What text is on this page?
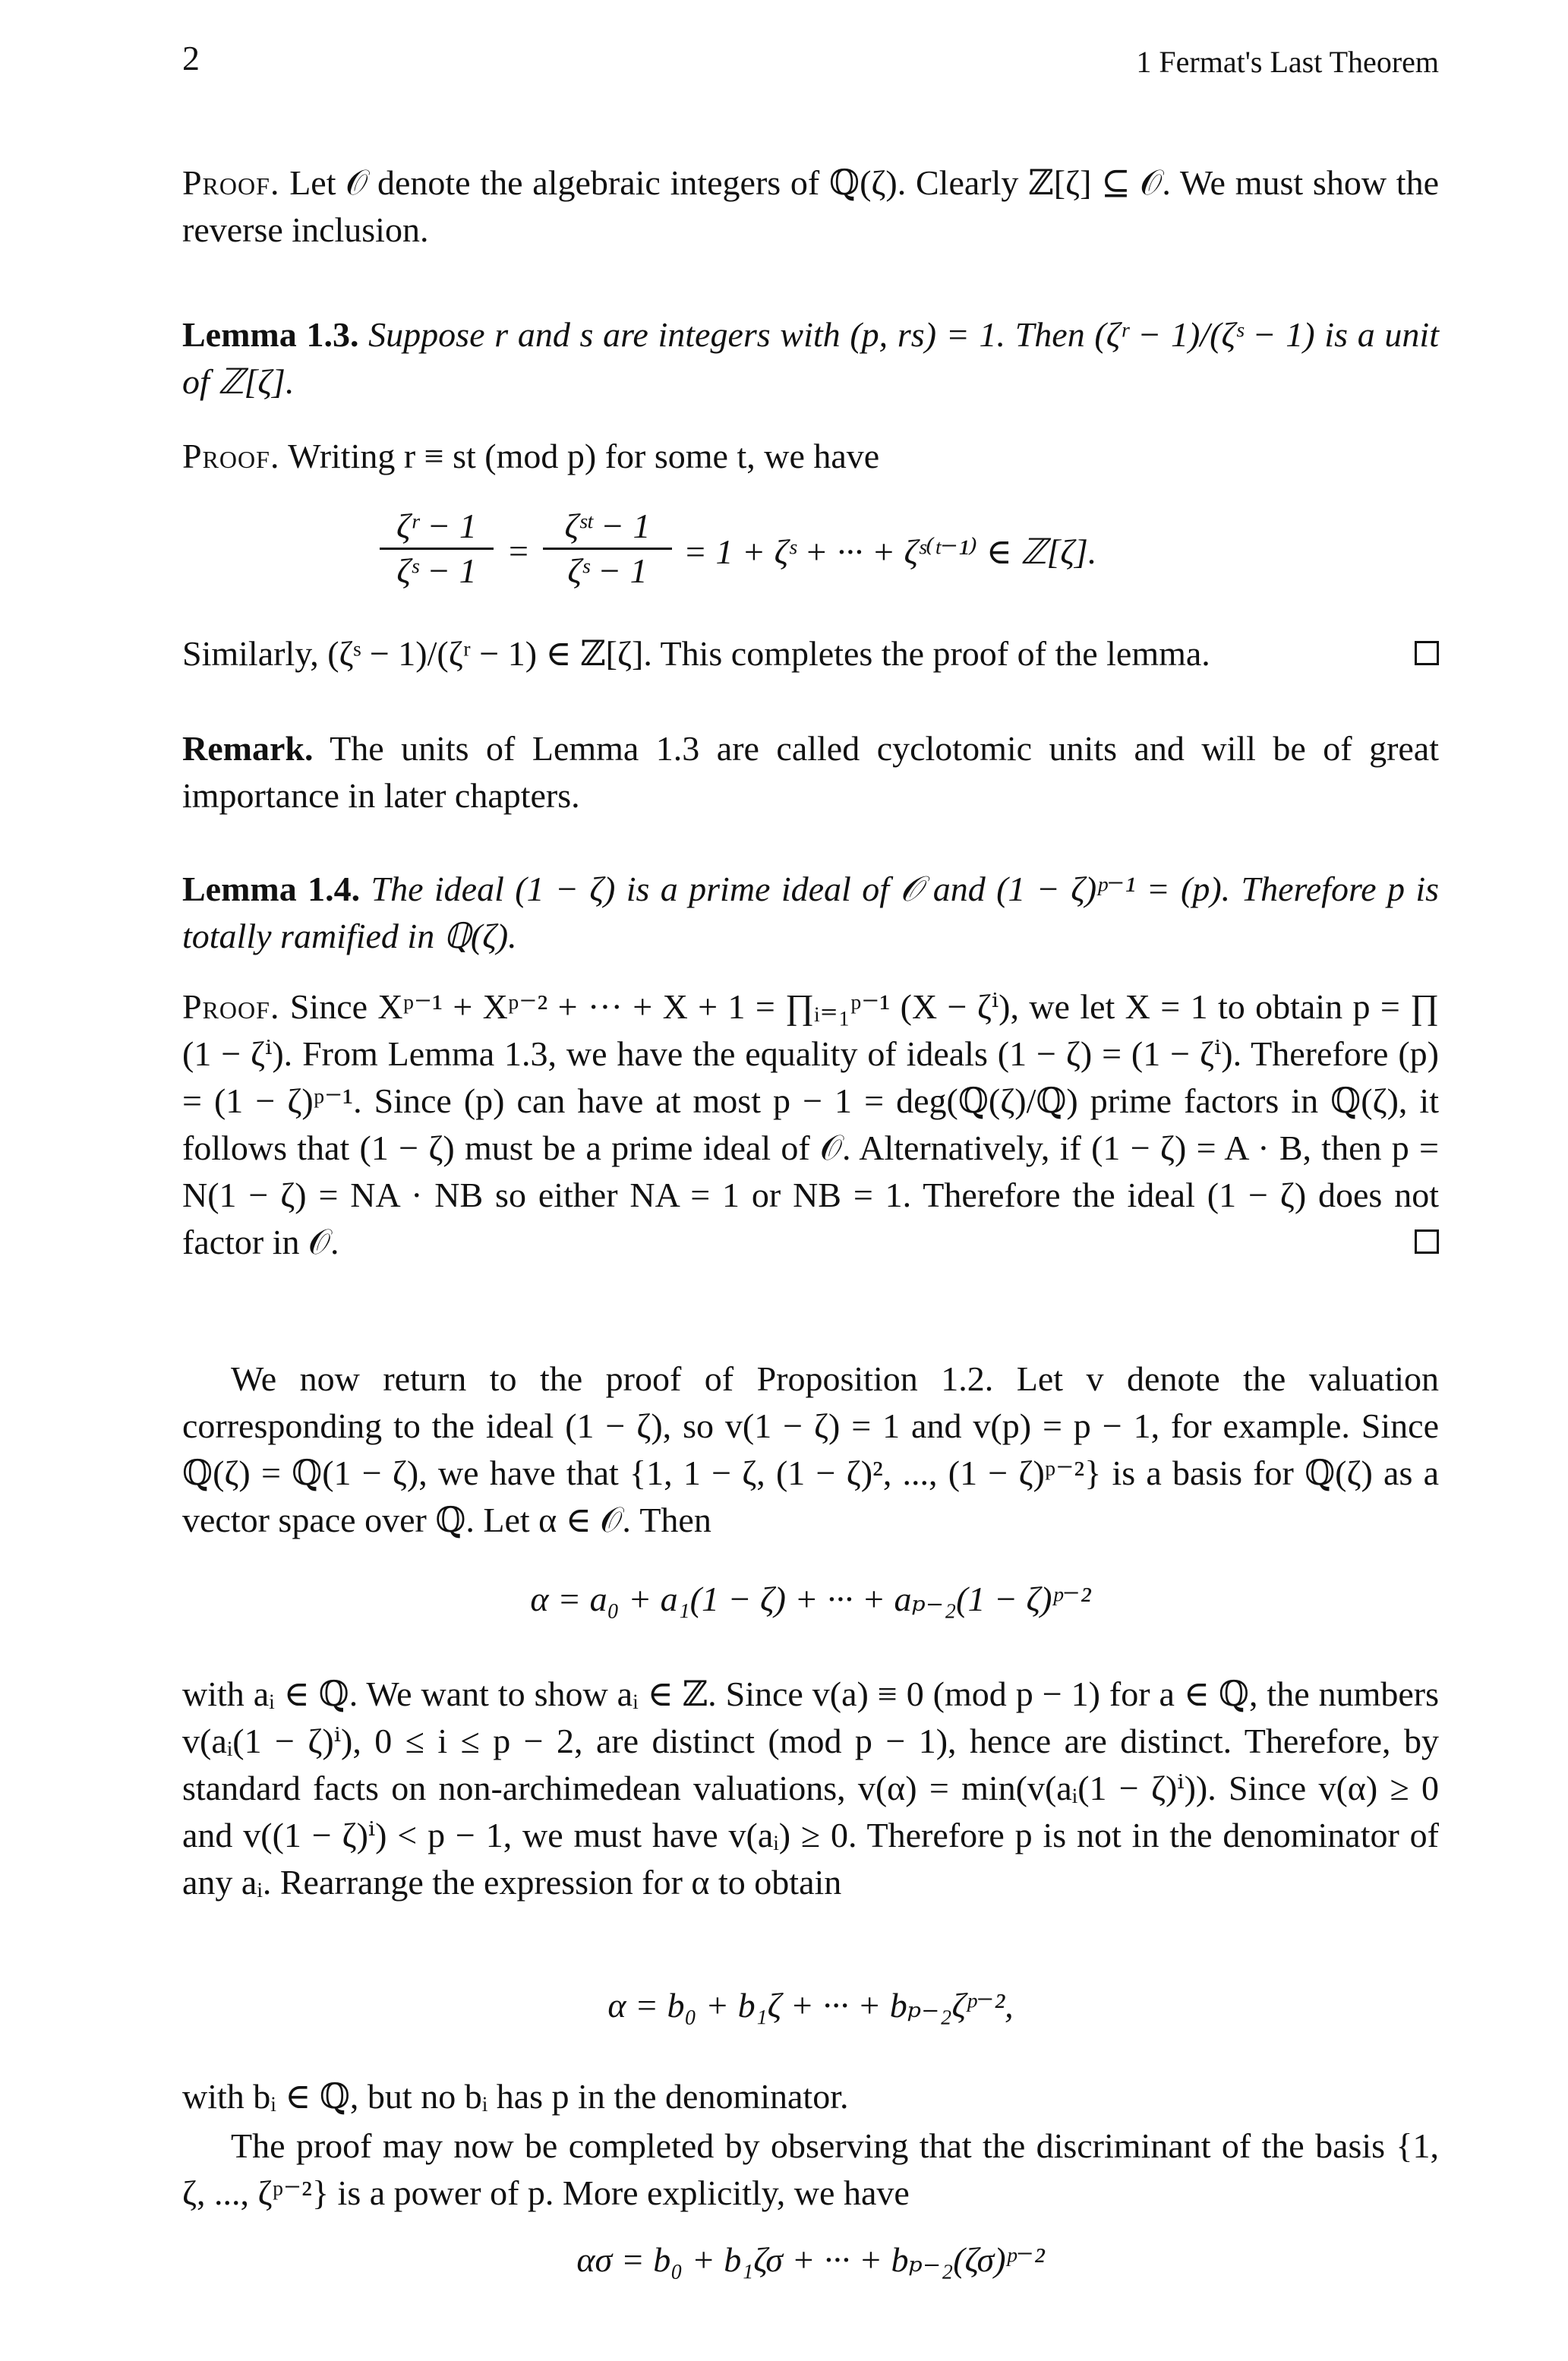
2	1 Fermat's Last Theorem

Proof. Let 𝒪 denote the algebraic integers of ℚ(ζ). Clearly ℤ[ζ] ⊆ 𝒪. We must show the reverse inclusion.

Lemma 1.3. Suppose r and s are integers with (p, rs) = 1. Then (ζʳ − 1)/(ζˢ − 1) is a unit of ℤ[ζ].

Proof. Writing r ≡ st (mod p) for some t, we have

$\frac{\text{ζʳ − 1}}{\text{ζˢ − 1}}$ =
ζˢᵗ − 1
ζˢ − 1	= 1 + ζˢ + ··· + ζˢ⁽ᵗ⁻¹⁾ ∈ ℤ[ζ].

Similarly, (ζˢ − 1)/(ζʳ − 1) ∈ ℤ[ζ]. This completes the proof of the lemma.

Remark. The units of Lemma 1.3 are called cyclotomic units and will be of great importance in later chapters.

Lemma 1.4. The ideal (1 − ζ) is a prime ideal of 𝒪 and (1 − ζ)ᵖ⁻¹ = (p). Therefore p is totally ramified in ℚ(ζ).

Proof. Since Xᵖ⁻¹ + Xᵖ⁻² + ··· + X + 1 = ∏ᵢ₌₁ᵖ⁻¹ (X − ζⁱ), we let X = 1 to obtain p = ∏ (1 − ζⁱ). From Lemma 1.3, we have the equality of ideals (1 − ζ) = (1 − ζⁱ). Therefore (p) = (1 − ζ)ᵖ⁻¹. Since (p) can have at most p − 1 = deg(ℚ(ζ)/ℚ) prime factors in ℚ(ζ), it follows that (1 − ζ) must be a prime ideal of 𝒪. Alternatively, if (1 − ζ) = A · B, then p = N(1 − ζ) = NA · NB so either NA = 1 or NB = 1. Therefore the ideal (1 − ζ) does not factor in 𝒪.

We now return to the proof of Proposition 1.2. Let v denote the valuation corresponding to the ideal (1 − ζ), so v(1 − ζ) = 1 and v(p) = p − 1, for example. Since ℚ(ζ) = ℚ(1 − ζ), we have that {1, 1 − ζ, (1 − ζ)², ..., (1 − ζ)ᵖ⁻²} is a basis for ℚ(ζ) as a vector space over ℚ. Let α ∈ 𝒪. Then

α = a₀ + a₁(1 − ζ) + ··· + aₚ₋₂(1 − ζ)ᵖ⁻²

with aᵢ ∈ ℚ. We want to show aᵢ ∈ ℤ. Since v(a) ≡ 0 (mod p − 1) for a ∈ ℚ, the numbers v(aᵢ(1 − ζ)ⁱ), 0 ≤ i ≤ p − 2, are distinct (mod p − 1), hence are distinct. Therefore, by standard facts on non-archimedean valuations, v(α) = min(v(aᵢ(1 − ζ)ⁱ)). Since v(α) ≥ 0 and v((1 − ζ)ⁱ) < p − 1, we must have v(aᵢ) ≥ 0. Therefore p is not in the denominator of any aᵢ. Rearrange the expression for α to obtain

α = b₀ + b₁ζ + ··· + bₚ₋₂ζᵖ⁻²,

with bᵢ ∈ ℚ, but no bᵢ has p in the denominator.

The proof may now be completed by observing that the discriminant of the basis {1, ζ, ..., ζᵖ⁻²} is a power of p. More explicitly, we have

ασ = b₀ + b₁ζσ + ··· + bₚ₋₂(ζσ)ᵖ⁻²
